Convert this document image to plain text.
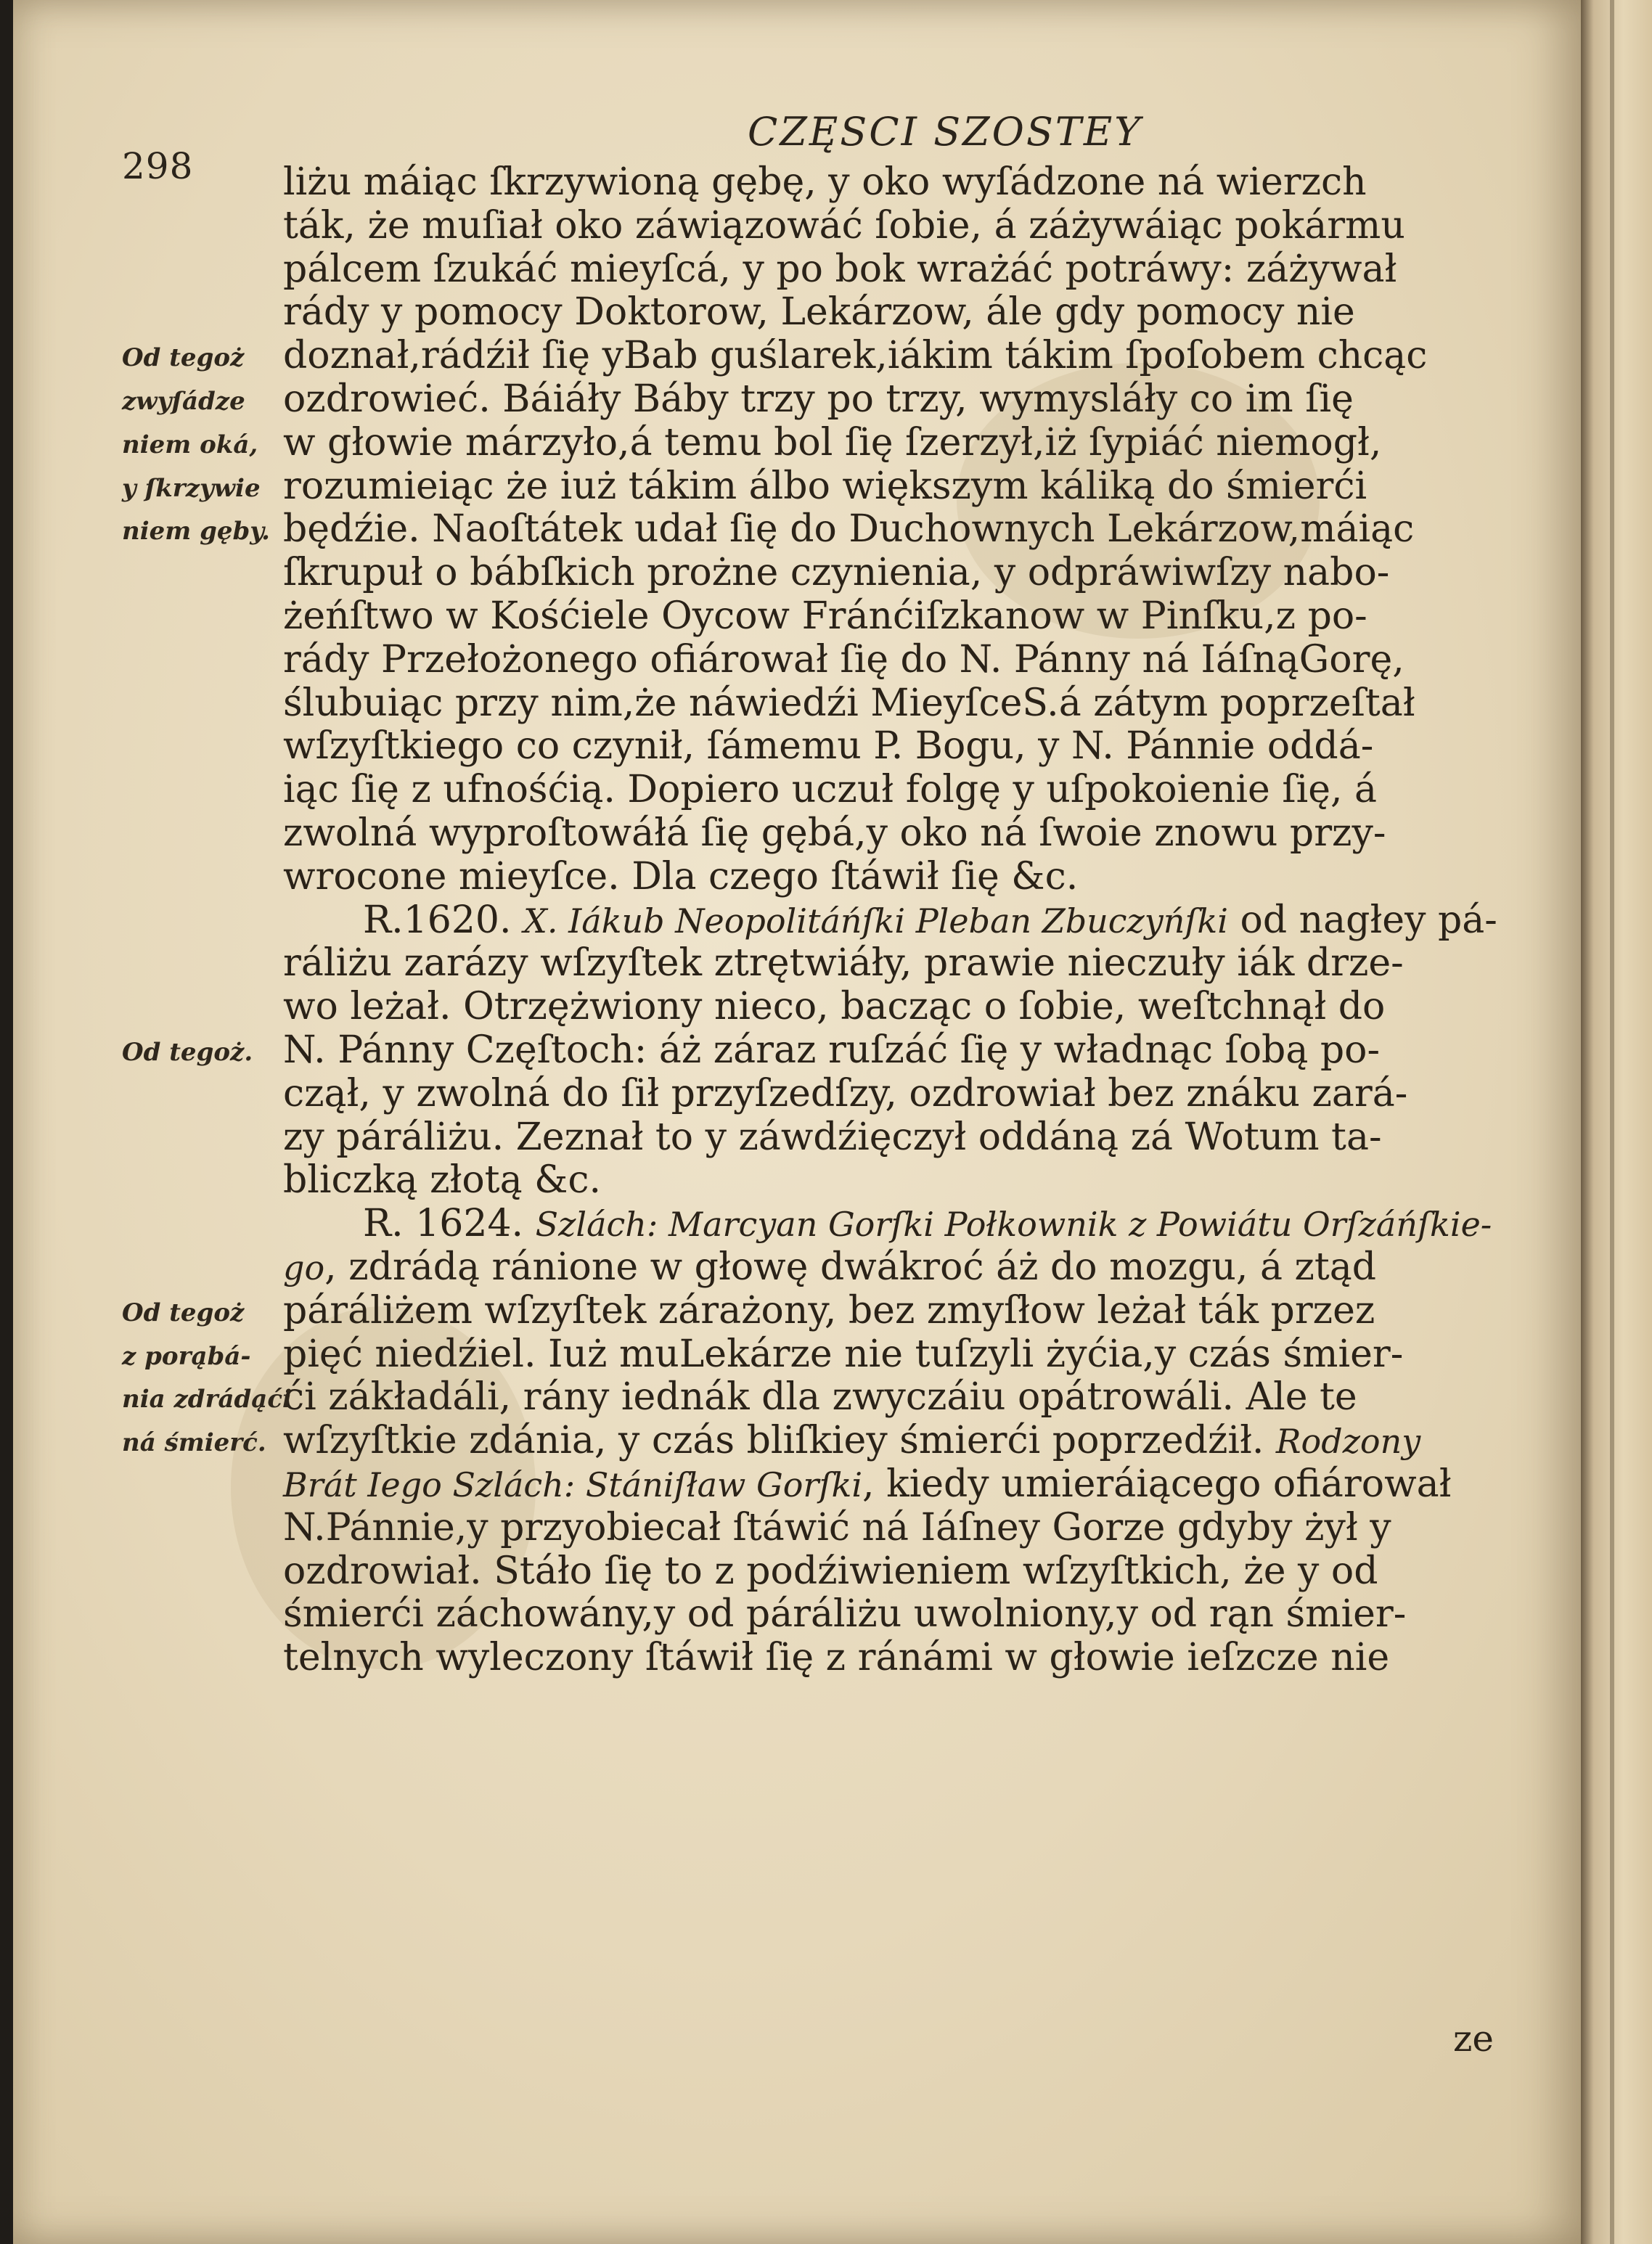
298
CZĘSCI SZOSTEY
liżu máiąc ſkrzywioną gębę, y oko wyſádzone ná wierzch
ták, że muſiał oko záwiązowáć ſobie, á záżywáiąc pokármu
pálcem ſzukáć mieyſcá, y po bok wrażáć potráwy: záżywał
rády y pomocy Doktorow, Lekárzow, ále gdy pomocy nie
doznał,rádźił ſię yBab guślarek,iákim tákim ſpoſobem chcąc
ozdrowieć. Báiáły Báby trzy po trzy, wymysláły co im ſię
w głowie márzyło,á temu bol ſię ſzerzył,iż ſypiáć niemogł,
rozumieiąc że iuż tákim álbo większym káliką do śmierći
będźie. Naoſtátek udał ſię do Duchownych Lekárzow,máiąc
ſkrupuł o bábſkich prożne czynienia, y odpráwiwſzy nabo-
żeńſtwo w Kośćiele Oycow Fránćiſzkanow w Pinſku,z po-
rády Przełożonego ofiárował ſię do N. Pánny ná IáſnąGorę,
ślubuiąc przy nim,że náwiedźi MieyſceS.á zátym poprzeſtał
wſzyſtkiego co czynił, ſámemu P. Bogu, y N. Pánnie oddá-
iąc ſię z ufnośćią. Dopiero uczuł folgę y uſpokoienie ſię, á
zwolná wyproſtowáłá ſię gębá,y oko ná ſwoie znowu przy-
wrocone mieyſce. Dla czego ſtáwił ſię &c.
R.1620. X. Iákub Neopolitáńſki Pleban Zbuczyńſki od nagłey pá-
ráliżu zarázy wſzyſtek ztrętwiáły, prawie nieczuły iák drze-
wo leżał. Otrzężwiony nieco, bacząc o ſobie, weſtchnął do
N. Pánny Częſtoch: áż záraz ruſzáć ſię y władnąc ſobą po-
czął, y zwolná do ſił przyſzedſzy, ozdrowiał bez znáku zará-
zy páráliżu. Zeznał to y záwdźięczył oddáną zá Wotum ta-
bliczką złotą &c.
R. 1624. Szlách: Marcyan Gorſki Połkownik z Powiátu Orſzáńſkie-
go, zdrádą ránione w głowę dwákroć áż do mozgu, á ztąd
páráliżem wſzyſtek zárażony, bez zmyſłow leżał ták przez
pięć niedźiel. Iuż muLekárze nie tuſzyli żyćia,y czás śmier-
ći zákładáli, rány iednák dla zwyczáiu opátrowáli. Ale te
wſzyſtkie zdánia, y czás bliſkiey śmierći poprzedźił. Rodzony
Brát Iego Szlách: Stániſław Gorſki, kiedy umieráiącego ofiárował
N.Pánnie,y przyobiecał ſtáwić ná Iáſney Gorze gdyby żył y
ozdrowiał. Stáło ſię to z podźiwieniem wſzyſtkich, że y od
śmierći záchowány,y od páráliżu uwolniony,y od rąn śmier-
telnych wyleczony ſtáwił ſię z ránámi w głowie ieſzcze nie
Od tegoż
zwyſádze
niem oká,
y ſkrzywie
niem gęby.
Od tegoż.
Od tegoż
z porąbá-
nia zdrádąći
ná śmierć.
ze
